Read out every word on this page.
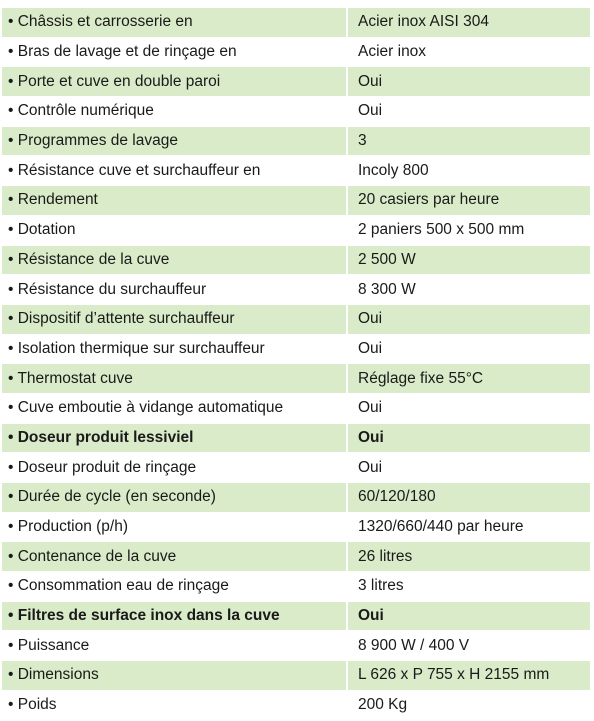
• Châssis et carrosserie en	Acier inox AISI 304
• Bras de lavage et de rinçage en	Acier inox
• Porte et cuve en double paroi	Oui
• Contrôle numérique	Oui
• Programmes de lavage	3
• Résistance cuve et surchauffeur en	Incoly 800
• Rendement	20 casiers par heure
• Dotation	2 paniers 500 x 500 mm
• Résistance de la cuve	2 500 W
• Résistance du surchauffeur	8 300 W
• Dispositif d’attente surchauffeur	Oui
• Isolation thermique sur surchauffeur	Oui
• Thermostat cuve	Réglage fixe 55°C
• Cuve emboutie à vidange automatique	Oui
• Doseur produit lessiviel	Oui
• Doseur produit de rinçage	Oui
• Durée de cycle (en seconde)	60/120/180
• Production (p/h)	1320/660/440 par heure
• Contenance de la cuve	26 litres
• Consommation eau de rinçage	3 litres
• Filtres de surface inox dans la cuve	Oui
• Puissance	8 900 W / 400 V
• Dimensions	L 626 x P 755 x H 2155 mm
• Poids	200 Kg
